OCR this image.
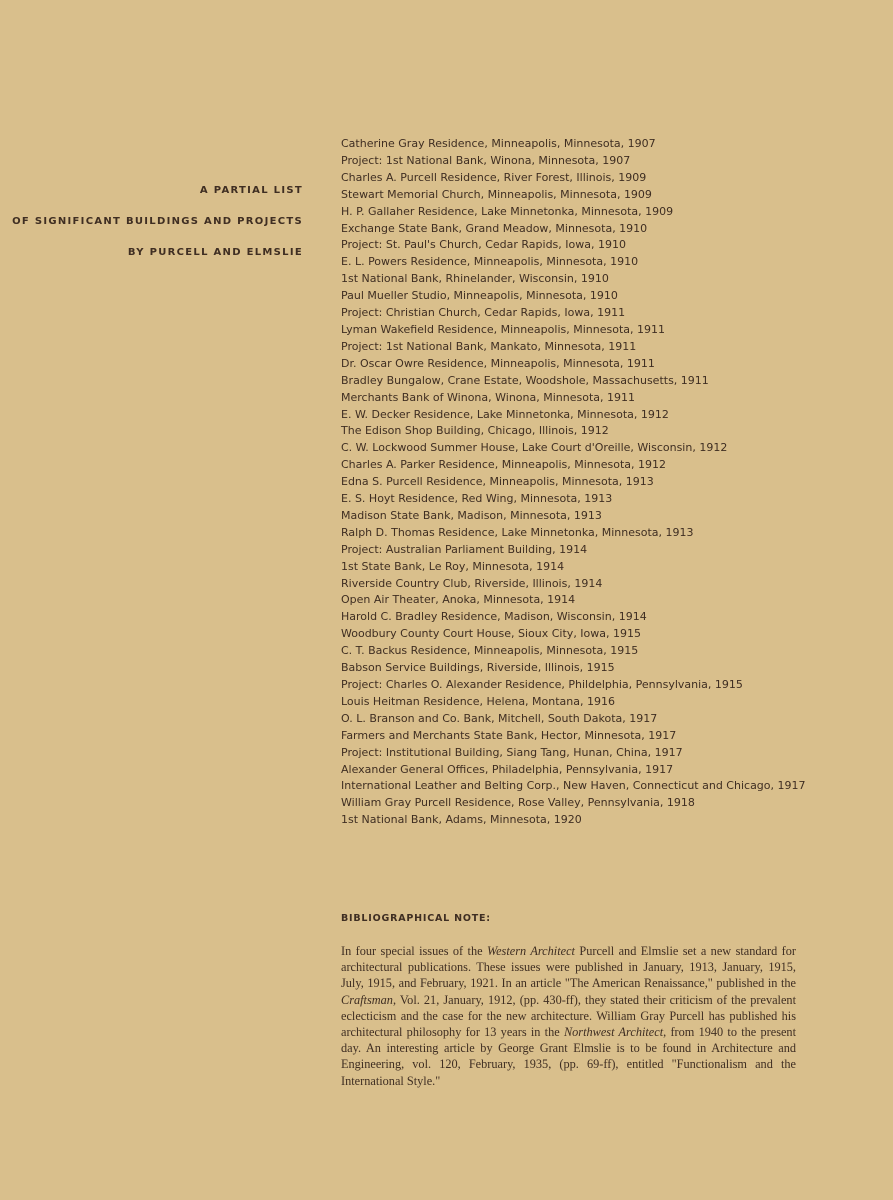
A PARTIAL LIST
OF SIGNIFICANT BUILDINGS AND PROJECTS
BY PURCELL AND ELMSLIE
Catherine Gray Residence, Minneapolis, Minnesota, 1907
Project: 1st National Bank, Winona, Minnesota, 1907
Charles A. Purcell Residence, River Forest, Illinois, 1909
Stewart Memorial Church, Minneapolis, Minnesota, 1909
H. P. Gallaher Residence, Lake Minnetonka, Minnesota, 1909
Exchange State Bank, Grand Meadow, Minnesota, 1910
Project: St. Paul's Church, Cedar Rapids, Iowa, 1910
E. L. Powers Residence, Minneapolis, Minnesota, 1910
1st National Bank, Rhinelander, Wisconsin, 1910
Paul Mueller Studio, Minneapolis, Minnesota, 1910
Project: Christian Church, Cedar Rapids, Iowa, 1911
Lyman Wakefield Residence, Minneapolis, Minnesota, 1911
Project: 1st National Bank, Mankato, Minnesota, 1911
Dr. Oscar Owre Residence, Minneapolis, Minnesota, 1911
Bradley Bungalow, Crane Estate, Woodshole, Massachusetts, 1911
Merchants Bank of Winona, Winona, Minnesota, 1911
E. W. Decker Residence, Lake Minnetonka, Minnesota, 1912
The Edison Shop Building, Chicago, Illinois, 1912
C. W. Lockwood Summer House, Lake Court d'Oreille, Wisconsin, 1912
Charles A. Parker Residence, Minneapolis, Minnesota, 1912
Edna S. Purcell Residence, Minneapolis, Minnesota, 1913
E. S. Hoyt Residence, Red Wing, Minnesota, 1913
Madison State Bank, Madison, Minnesota, 1913
Ralph D. Thomas Residence, Lake Minnetonka, Minnesota, 1913
Project: Australian Parliament Building, 1914
1st State Bank, Le Roy, Minnesota, 1914
Riverside Country Club, Riverside, Illinois, 1914
Open Air Theater, Anoka, Minnesota, 1914
Harold C. Bradley Residence, Madison, Wisconsin, 1914
Woodbury County Court House, Sioux City, Iowa, 1915
C. T. Backus Residence, Minneapolis, Minnesota, 1915
Babson Service Buildings, Riverside, Illinois, 1915
Project: Charles O. Alexander Residence, Phildelphia, Pennsylvania, 1915
Louis Heitman Residence, Helena, Montana, 1916
O. L. Branson and Co. Bank, Mitchell, South Dakota, 1917
Farmers and Merchants State Bank, Hector, Minnesota, 1917
Project: Institutional Building, Siang Tang, Hunan, China, 1917
Alexander General Offices, Philadelphia, Pennsylvania, 1917
International Leather and Belting Corp., New Haven, Connecticut and Chicago, 1917
William Gray Purcell Residence, Rose Valley, Pennsylvania, 1918
1st National Bank, Adams, Minnesota, 1920
BIBLIOGRAPHICAL NOTE:

In four special issues of the Western Architect Purcell and Elmslie set a new standard for architectural publications. These issues were published in January, 1913, January, 1915, July, 1915, and February, 1921. In an article "The American Renaissance," published in the Craftsman, Vol. 21, January, 1912, (pp. 430-ff), they stated their criticism of the prevalent eclecticism and the case for the new architecture. William Gray Purcell has published his architectural philosophy for 13 years in the Northwest Architect, from 1940 to the present day. An interesting article by George Grant Elmslie is to be found in Architecture and Engineering, vol. 120, February, 1935, (pp. 69-ff), entitled "Functionalism and the International Style."
